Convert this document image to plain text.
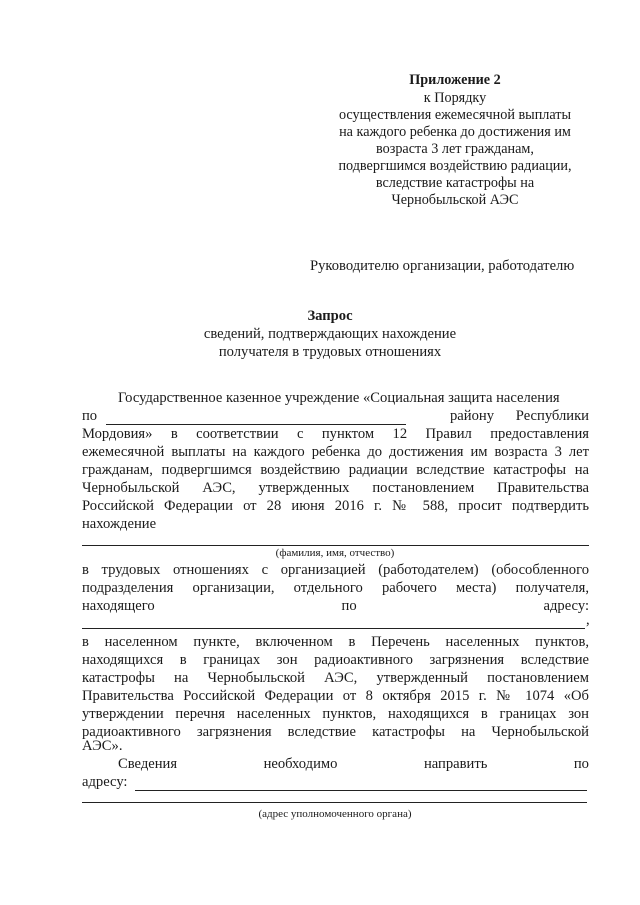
Приложение 2
к Порядку
осуществления ежемесячной выплаты
на каждого ребенка до достижения им
возраста 3 лет гражданам,
подвергшимся воздействию радиации,
вследствие катастрофы на
Чернобыльской АЭС
Руководителю организации, работодателю
Запрос
сведений, подтверждающих нахождение
получателя в трудовых отношениях
Государственное казенное учреждение «Социальная защита населения
по	району Республики
Мордовия» в соответствии с пунктом 12 Правил предоставления
ежемесячной выплаты на каждого ребенка до достижения им возраста 3 лет
гражданам, подвергшимся воздействию радиации вследствие катастрофы на
Чернобыльской АЭС, утвержденных постановлением Правительства
Российской Федерации от 28 июня 2016 г. № 588, просит подтвердить
нахождение
(фамилия, имя, отчество)
в трудовых отношениях с организацией (работодателем) (обособленного
подразделения организации, отдельного рабочего места) получателя,
находящего	по	адресу:
,
в населенном пункте, включенном в Перечень населенных пунктов,
находящихся в границах зон радиоактивного загрязнения вследствие
катастрофы на Чернобыльской АЭС, утвержденный постановлением
Правительства Российской Федерации от 8 октября 2015 г. № 1074 «Об
утверждении перечня населенных пунктов, находящихся в границах зон
радиоактивного загрязнения вследствие катастрофы на Чернобыльской
АЭС».
Сведения	необходимо	направить	по
адресу:
(адрес уполномоченного органа)
